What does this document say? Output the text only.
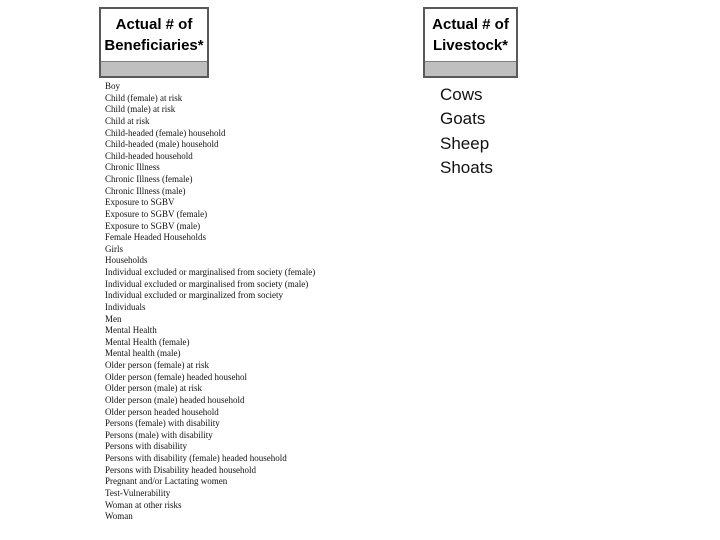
Actual # of
Beneficiaries*
Actual # of
Livestock*
Boy
Child (female) at risk
Child (male) at risk
Child at risk
Child-headed (female) household
Child-headed (male) household
Child-headed household
Chronic Illness
Chronic Illness (female)
Chronic Illness (male)
Exposure to SGBV
Exposure to SGBV (female)
Exposure to SGBV (male)
Female Headed Households
Girls
Households
Individual excluded or marginalised from society (female)
Individual excluded or marginalised from society (male)
Individual excluded or marginalized from society
Individuals
Men
Mental Health
Mental Health (female)
Mental health (male)
Older person (female) at risk
Older person (female) headed househol
Older person (male) at risk
Older person (male) headed household
Older person headed household
Persons (female) with disability
Persons (male) with disability
Persons with disability
Persons with disability (female) headed household
Persons with Disability headed household
Pregnant and/or Lactating women
Test-Vulnerability
Woman at other risks
Woman
Cows
Goats
Sheep
Shoats
